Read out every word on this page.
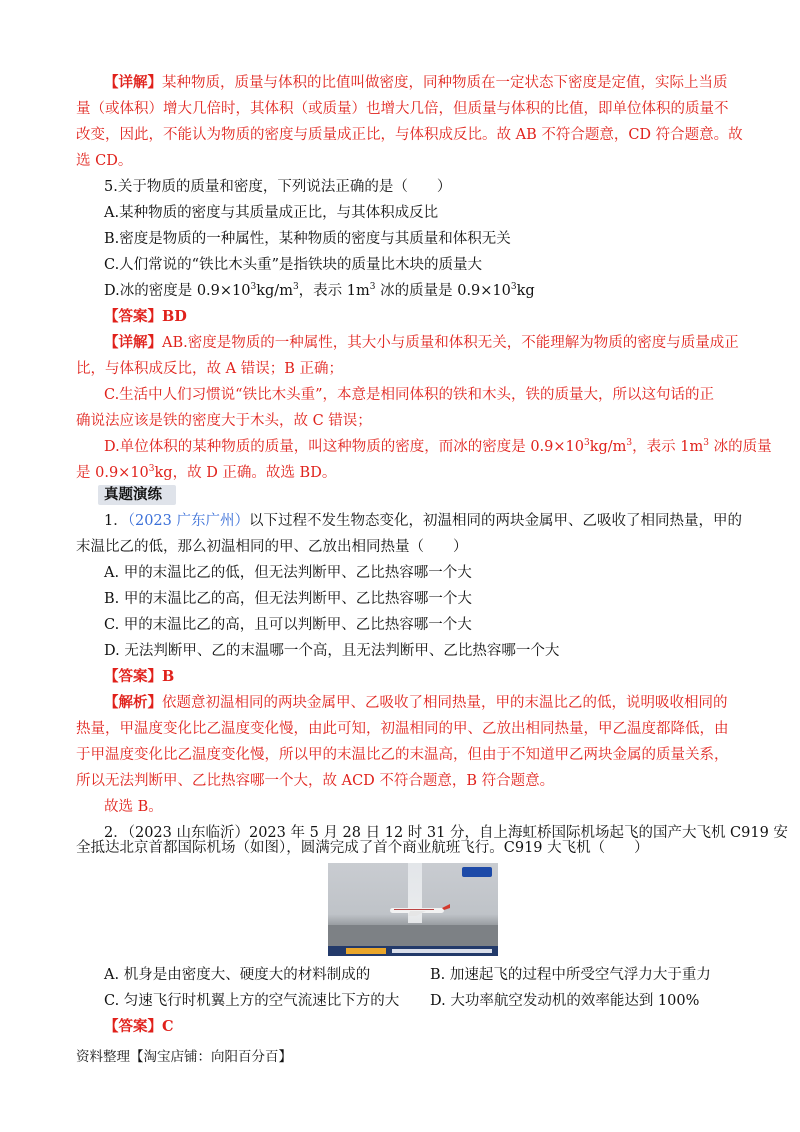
【详解】某种物质，质量与体积的比值叫做密度，同种物质在一定状态下密度是定值，实际上当质
量（或体积）增大几倍时，其体积（或质量）也增大几倍，但质量与体积的比值，即单位体积的质量不
改变，因此，不能认为物质的密度与质量成正比，与体积成反比。故 AB 不符合题意，CD 符合题意。故
选 CD。
5.关于物质的质量和密度，下列说法正确的是（　　）
A.某种物质的密度与其质量成正比，与其体积成反比
B.密度是物质的一种属性，某种物质的密度与其质量和体积无关
C.人们常说的“铁比木头重”是指铁块的质量比木块的质量大
D.冰的密度是 $0.9\times 10^3kg/m^3$，表示 $1m^3$ 冰的质量是 $0.9\times 10^3kg$
【答案】BD
【详解】AB.密度是物质的一种属性，其大小与质量和体积无关，不能理解为物质的密度与质量成正
比，与体积成反比，故 A 错误；B 正确；
C.生活中人们习惯说“铁比木头重”，本意是相同体积的铁和木头，铁的质量大，所以这句话的正
确说法应该是铁的密度大于木头，故 C 错误；
D.单位体积的某种物质的质量，叫这种物质的密度，而冰的密度是 $0.9\times 10^3kg/m^3$，表示 $1m^3$ 冰的质量
是 $0.9\times 10^3kg$，故 D 正确。故选 BD。
真题演练
1．（2023 广东广州）以下过程不发生物态变化，初温相同的两块金属甲、乙吸收了相同热量，甲的
末温比乙的低，那么初温相同的甲、乙放出相同热量（　　）
A. 甲的末温比乙的低，但无法判断甲、乙比热容哪一个大
B. 甲的末温比乙的高，但无法判断甲、乙比热容哪一个大
C. 甲的末温比乙的高，且可以判断甲、乙比热容哪一个大
D. 无法判断甲、乙的末温哪一个高，且无法判断甲、乙比热容哪一个大
【答案】B
【解析】依题意初温相同的两块金属甲、乙吸收了相同热量，甲的末温比乙的低，说明吸收相同的
热量，甲温度变化比乙温度变化慢，由此可知，初温相同的甲、乙放出相同热量，甲乙温度都降低，由
于甲温度变化比乙温度变化慢，所以甲的末温比乙的末温高，但由于不知道甲乙两块金属的质量关系，
所以无法判断甲、乙比热容哪一个大，故 ACD 不符合题意，B 符合题意。
故选 B。
2．（2023 山东临沂）2023 年 5 月 28 日 12 时 31 分，自上海虹桥国际机场起飞的国产大飞机 C919 安
全抵达北京首都国际机场（如图），圆满完成了首个商业航班飞行。C919 大飞机（　　）
A. 机身是由密度大、硬度大的材料制成的	B. 加速起飞的过程中所受空气浮力大于重力
C. 匀速飞行时机翼上方的空气流速比下方的大 D. 大功率航空发动机的效率能达到 100%
【答案】C
资料整理【淘宝店铺：向阳百分百】
